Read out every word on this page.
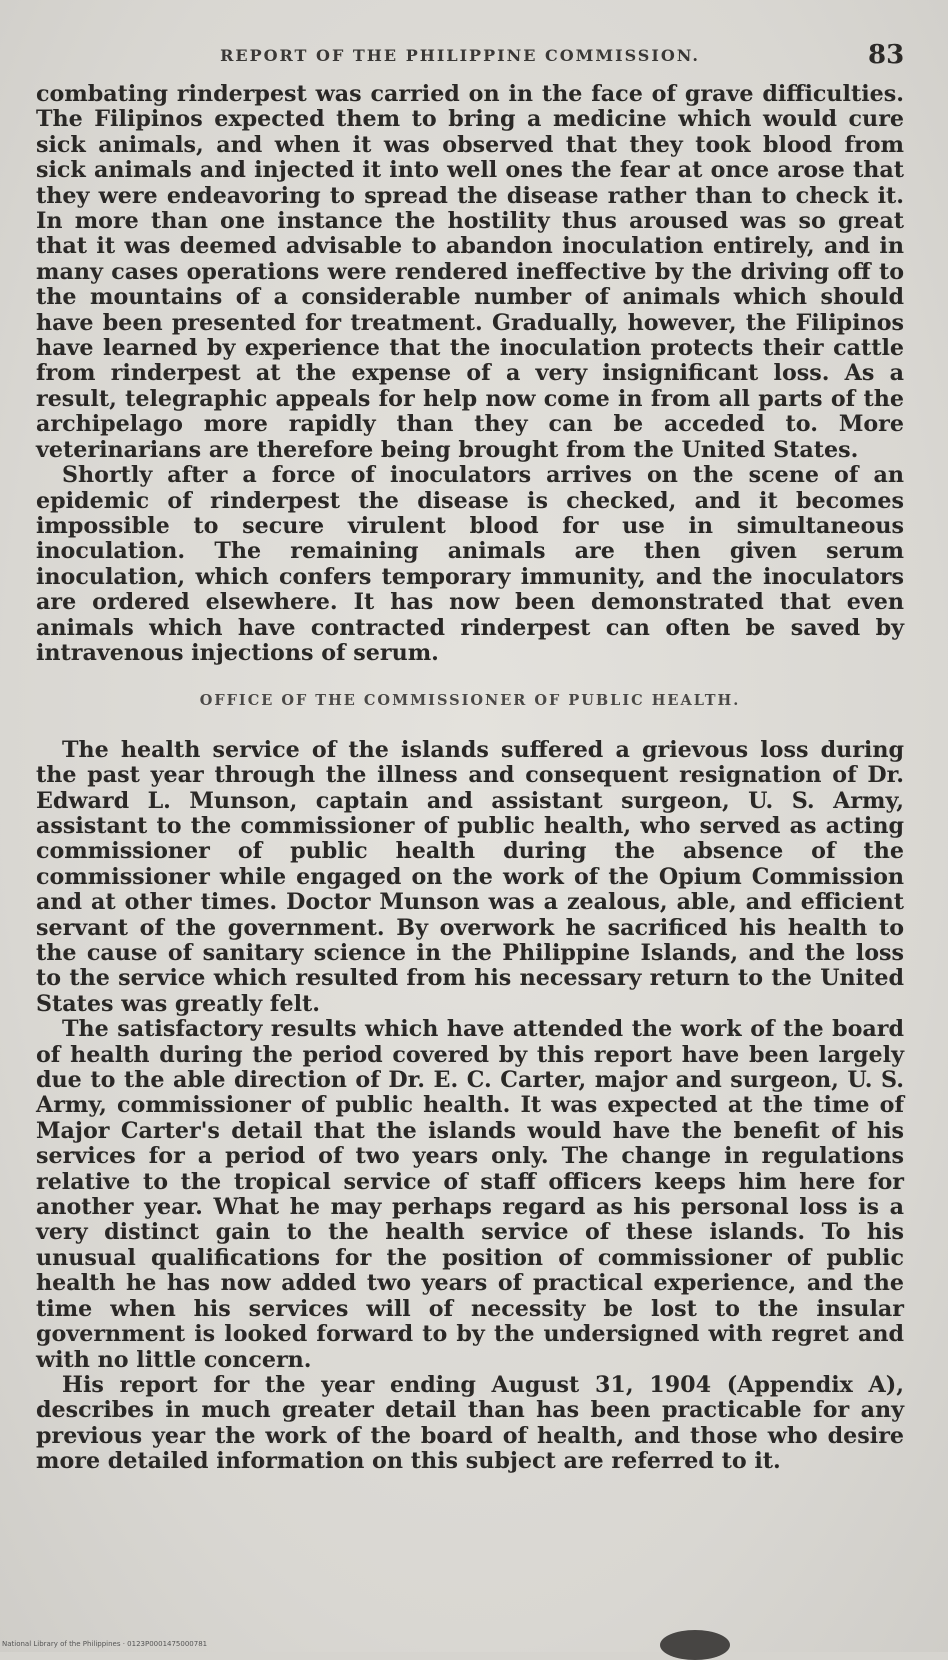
REPORT OF THE PHILIPPINE COMMISSION.	83

combating rinderpest was carried on in the face of grave difficulties. The Filipinos expected them to bring a medicine which would cure sick animals, and when it was observed that they took blood from sick animals and injected it into well ones the fear at once arose that they were endeavoring to spread the disease rather than to check it. In more than one instance the hostility thus aroused was so great that it was deemed advisable to abandon inoculation entirely, and in many cases operations were rendered ineffective by the driving off to the mountains of a considerable number of animals which should have been presented for treatment. Gradually, however, the Filipinos have learned by experience that the inoculation protects their cattle from rinderpest at the expense of a very insignificant loss. As a result, telegraphic appeals for help now come in from all parts of the archipelago more rapidly than they can be acceded to. More veterinarians are therefore being brought from the United States.

Shortly after a force of inoculators arrives on the scene of an epidemic of rinderpest the disease is checked, and it becomes impossible to secure virulent blood for use in simultaneous inoculation. The remaining animals are then given serum inoculation, which confers temporary immunity, and the inoculators are ordered elsewhere. It has now been demonstrated that even animals which have contracted rinderpest can often be saved by intravenous injections of serum.

OFFICE OF THE COMMISSIONER OF PUBLIC HEALTH.

The health service of the islands suffered a grievous loss during the past year through the illness and consequent resignation of Dr. Edward L. Munson, captain and assistant surgeon, U. S. Army, assistant to the commissioner of public health, who served as acting commissioner of public health during the absence of the commissioner while engaged on the work of the Opium Commission and at other times. Doctor Munson was a zealous, able, and efficient servant of the government. By overwork he sacrificed his health to the cause of sanitary science in the Philippine Islands, and the loss to the service which resulted from his necessary return to the United States was greatly felt.

The satisfactory results which have attended the work of the board of health during the period covered by this report have been largely due to the able direction of Dr. E. C. Carter, major and surgeon, U. S. Army, commissioner of public health. It was expected at the time of Major Carter's detail that the islands would have the benefit of his services for a period of two years only. The change in regulations relative to the tropical service of staff officers keeps him here for another year. What he may perhaps regard as his personal loss is a very distinct gain to the health service of these islands. To his unusual qualifications for the position of commissioner of public health he has now added two years of practical experience, and the time when his services will of necessity be lost to the insular government is looked forward to by the undersigned with regret and with no little concern.

His report for the year ending August 31, 1904 (Appendix A), describes in much greater detail than has been practicable for any previous year the work of the board of health, and those who desire more detailed information on this subject are referred to it.

National Library of the Philippines · 0123P0001475000781
